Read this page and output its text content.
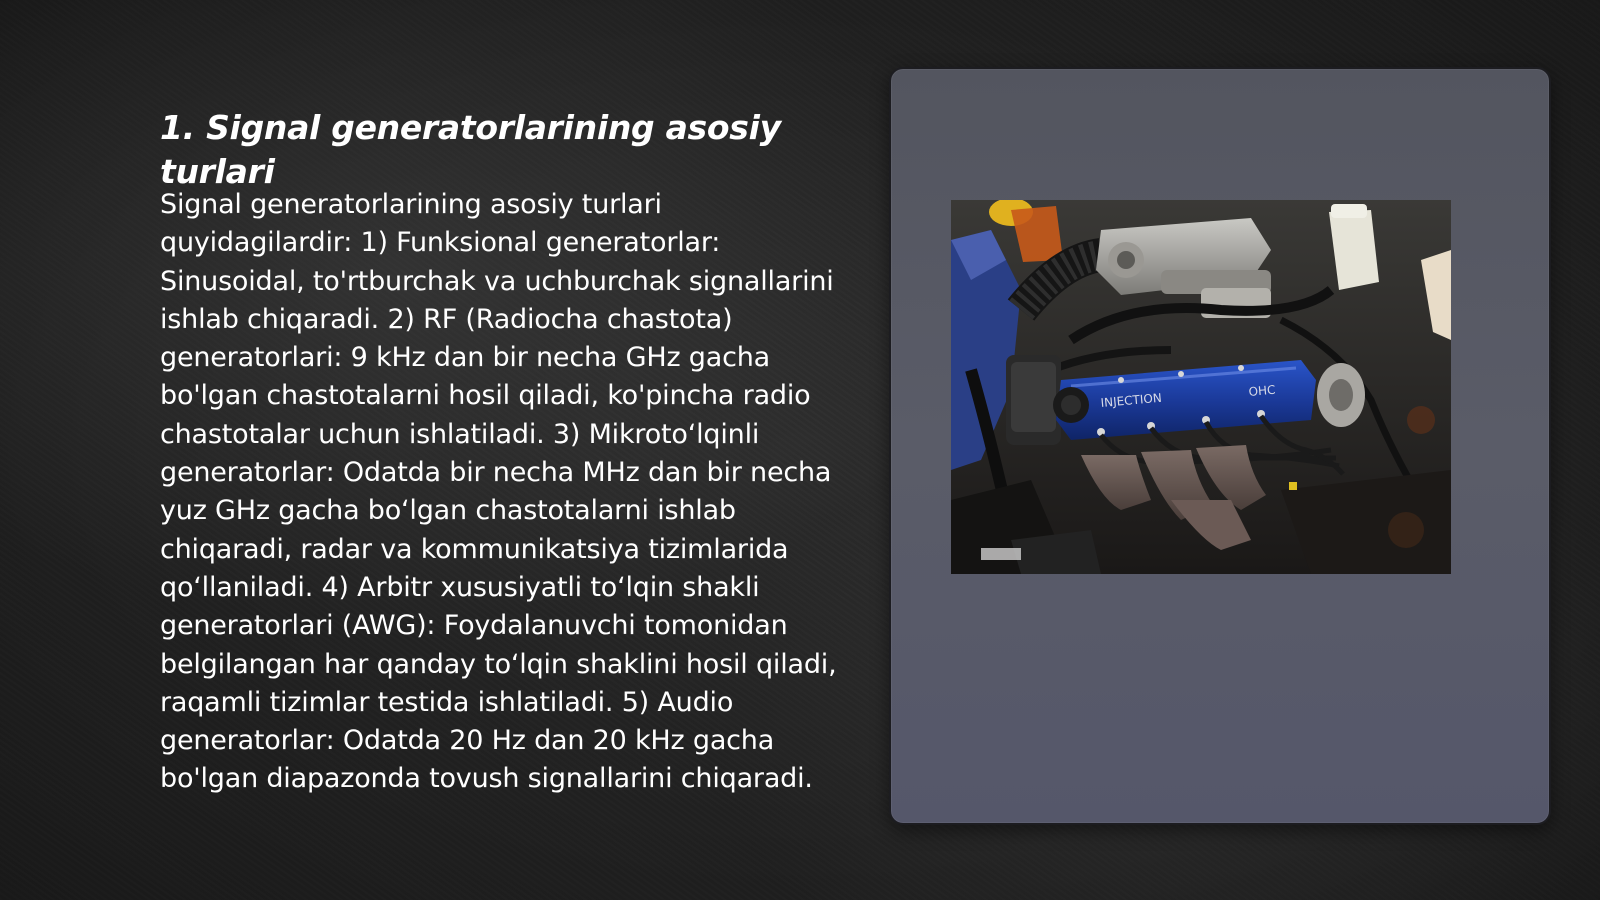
1. Signal generatorlarining asosiy turlari

Signal generatorlarining asosiy turlari quyidagilardir: 1) Funksional generatorlar: Sinusoidal, to'rtburchak va uchburchak signallarini ishlab chiqaradi. 2) RF (Radiocha chastota) generatorlari: 9 kHz dan bir necha GHz gacha bo'lgan chastotalarni hosil qiladi, ko'pincha radio chastotalar uchun ishlatiladi. 3) Mikrotoʻlqinli generatorlar: Odatda bir necha MHz dan bir necha yuz GHz gacha boʻlgan chastotalarni ishlab chiqaradi, radar va kommunikatsiya tizimlarida qoʻllaniladi. 4) Arbitr xususiyatli toʻlqin shakli generatorlari (AWG): Foydalanuvchi tomonidan belgilangan har qanday toʻlqin shaklini hosil qiladi, raqamli tizimlar testida ishlatiladi. 5) Audio generatorlar: Odatda 20 Hz dan 20 kHz gacha bo'lgan diapazonda tovush signallarini chiqaradi.

INJECTION	OHC
